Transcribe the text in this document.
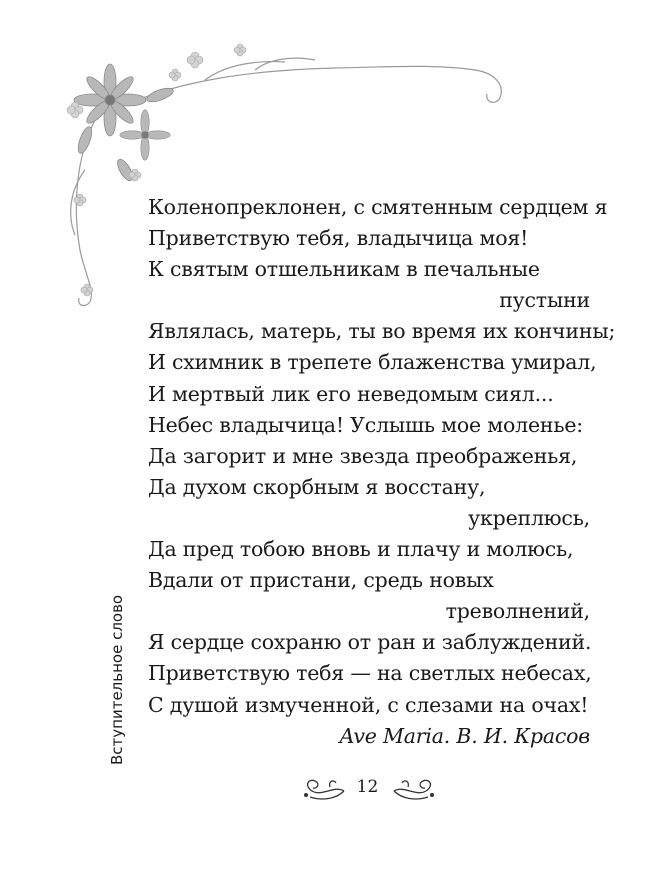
Коленопреклонен, с смятенным сердцем я
Приветствую тебя, владычица моя!
К святым отшельникам в печальные
пустыни
Являлась, матерь, ты во время их кончины;
И схимник в трепете блаженства умирал,
И мертвый лик его неведомым сиял...
Небес владычица! Услышь мое моленье:
Да загорит и мне звезда преображенья,
Да духом скорбным я восстану,
укреплюсь,
Да пред тобою вновь и плачу и молюсь,
Вдали от пристани, средь новых
треволнений,
Я сердце сохраню от ран и заблуждений.
Приветствую тебя — на светлых небесах,
С душой измученной, с слезами на очах!
Ave Maria. В. И. Красов
Вступительное слово
12
